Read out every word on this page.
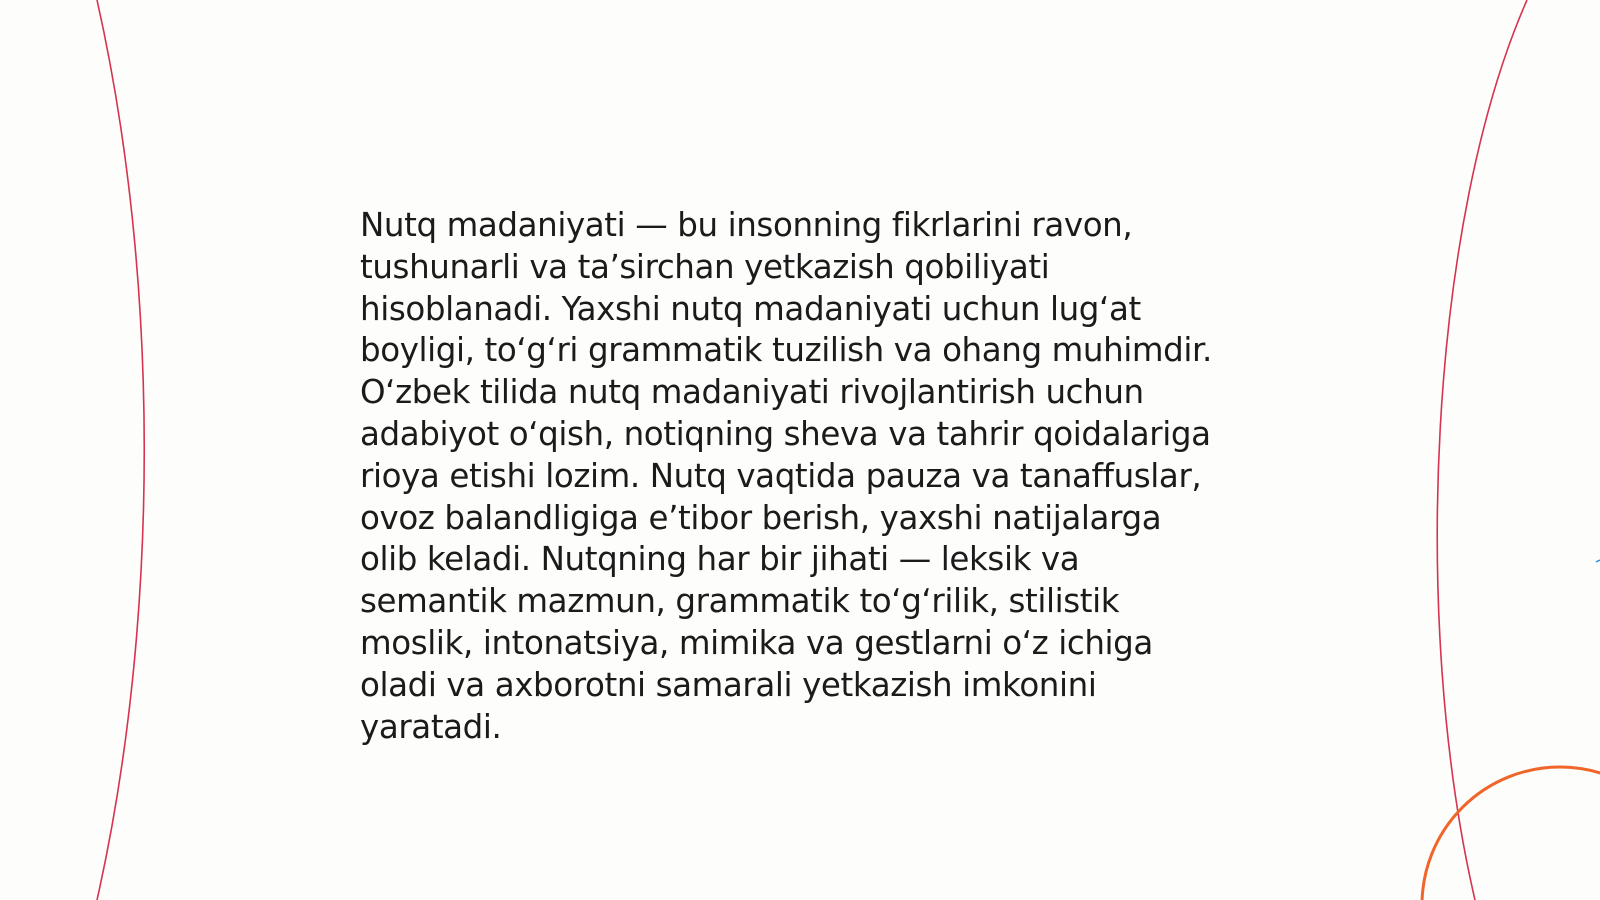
Nutq madaniyati — bu insonning fikrlarini ravon,
tushunarli va ta’sirchan yetkazish qobiliyati
hisoblanadi. Yaxshi nutq madaniyati uchun lug‘at
boyligi, to‘g‘ri grammatik tuzilish va ohang muhimdir.
O‘zbek tilida nutq madaniyati rivojlantirish uchun
adabiyot o‘qish, notiqning sheva va tahrir qoidalariga
rioya etishi lozim. Nutq vaqtida pauza va tanaffuslar,
ovoz balandligiga e’tibor berish, yaxshi natijalarga
olib keladi. Nutqning har bir jihati — leksik va
semantik mazmun, grammatik to‘g‘rilik, stilistik
moslik, intonatsiya, mimika va gestlarni o‘z ichiga
oladi va axborotni samarali yetkazish imkonini
yaratadi.
